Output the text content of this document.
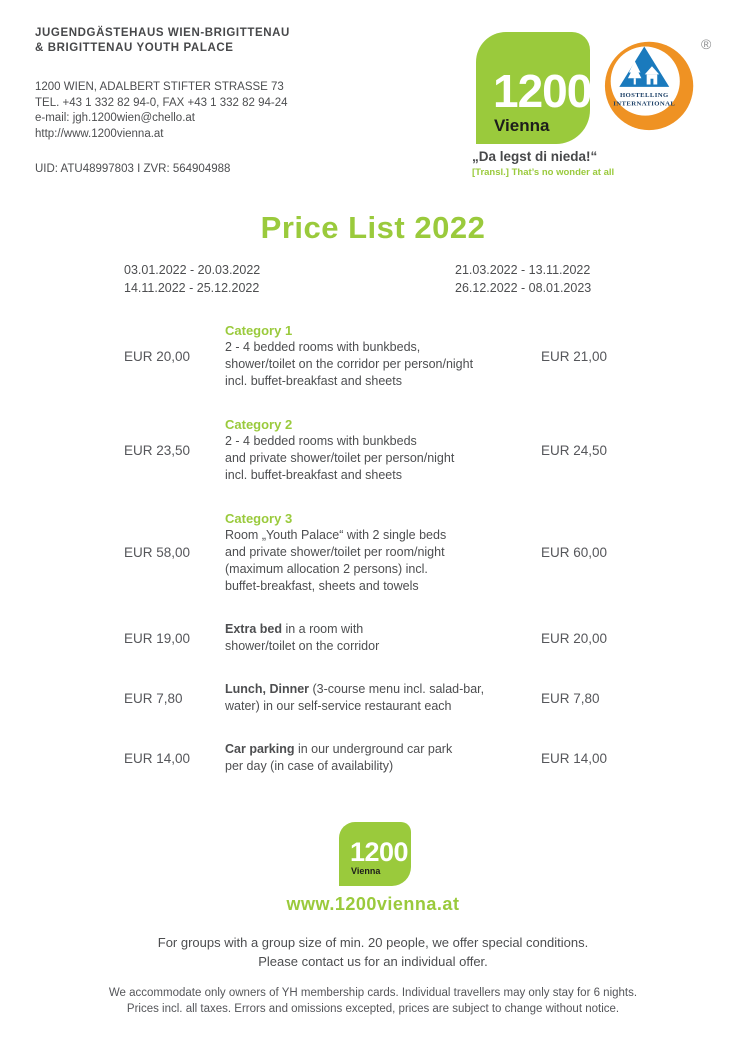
JUGENDGÄSTEHAUS WIEN-BRIGITTENAU
& BRIGITTENAU YOUTH PALACE
1200 WIEN, ADALBERT STIFTER STRASSE 73
TEL. +43 1 332 82 94-0, FAX +43 1 332 82 94-24
e-mail: jgh.1200wien@chello.at
http://www.1200vienna.at
UID: ATU48997803 I ZVR: 564904988
1200
Vienna
„Da legst di nieda!“
[Transl.] That’s no wonder at all
HOSTELLING
INTERNATIONAL
®
Price List 2022
03.01.2022 - 20.03.2022
14.11.2022 - 25.12.2022
21.03.2022 - 13.11.2022
26.12.2022 - 08.01.2023
EUR 20,00
Category 1
2 - 4 bedded rooms with bunkbeds,
shower/toilet on the corridor per person/night
incl. buffet-breakfast and sheets
EUR 21,00
EUR 23,50
Category 2
2 - 4 bedded rooms with bunkbeds
and private shower/toilet per person/night
incl. buffet-breakfast and sheets
EUR 24,50
EUR 58,00
Category 3
Room „Youth Palace“ with 2 single beds
and private shower/toilet per room/night
(maximum allocation 2 persons) incl.
buffet-breakfast, sheets and towels
EUR 60,00
EUR 19,00
Extra bed in a room with
shower/toilet on the corridor
EUR 20,00
EUR 7,80
Lunch, Dinner (3-course menu incl. salad-bar,
water) in our self-service restaurant each
EUR 7,80
EUR 14,00
Car parking in our underground car park
per day (in case of availability)
EUR 14,00
1200
Vienna
www.1200vienna.at
For groups with a group size of min. 20 people, we offer special conditions.
Please contact us for an individual offer.
We accommodate only owners of YH membership cards. Individual travellers may only stay for 6 nights.
Prices incl. all taxes. Errors and omissions excepted, prices are subject to change without notice.
